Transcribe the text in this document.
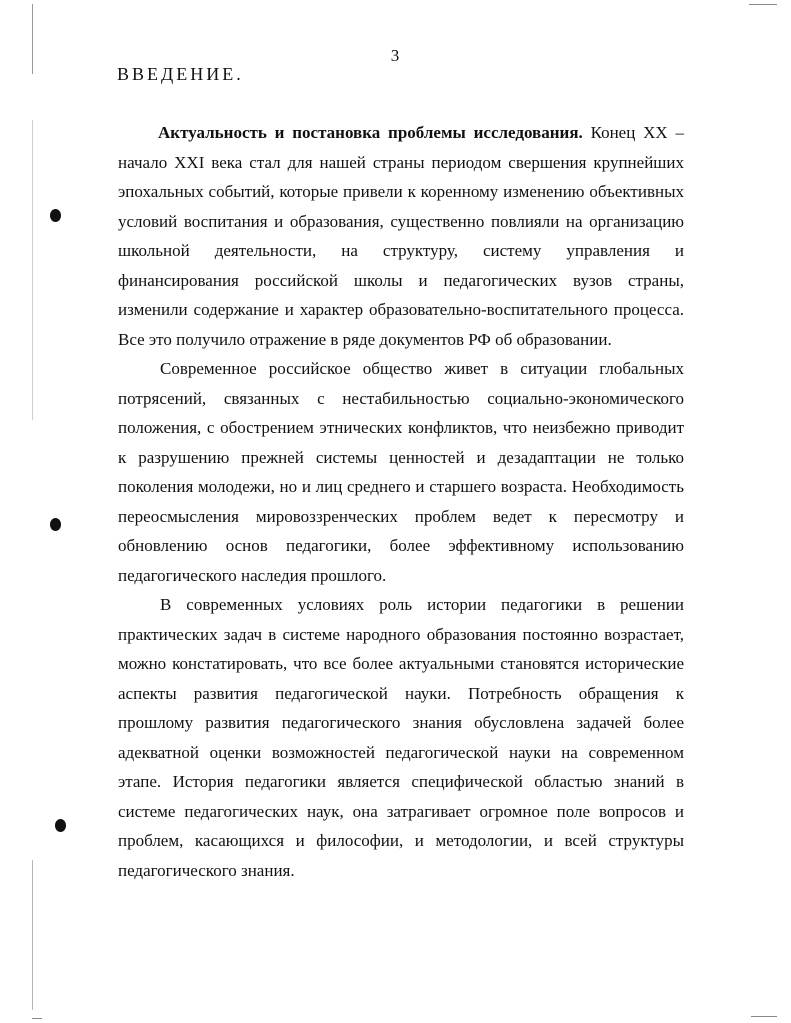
3
ВВЕДЕНИЕ.

Актуальность и постановка проблемы исследования. Конец XX – начало XXI века стал для нашей страны периодом свершения крупнейших эпохальных событий, которые привели к коренному изменению объективных условий воспитания и образования, существенно повлияли на организацию школьной деятельности, на структуру, систему управления и финансирования российской школы и педагогических вузов страны, изменили содержание и характер образовательно-воспитательного процесса. Все это получило отражение в ряде документов РФ об образовании.

Современное российское общество живет в ситуации глобальных потрясений, связанных с нестабильностью социально-экономического положения, с обострением этнических конфликтов, что неизбежно приводит к разрушению прежней системы ценностей и дезадаптации не только поколения молодежи, но и лиц среднего и старшего возраста. Необходимость переосмысления мировоззренческих проблем ведет к пересмотру и обновлению основ педагогики, более эффективному использованию педагогического наследия прошлого.

В современных условиях роль истории педагогики в решении практических задач в системе народного образования постоянно возрастает, можно констатировать, что все более актуальными становятся исторические аспекты развития педагогической науки. Потребность обращения к прошлому развития педагогического знания обусловлена задачей более адекватной оценки возможностей педагогической науки на современном этапе. История педагогики является специфической областью знаний в системе педагогических наук, она затрагивает огромное поле вопросов и проблем, касающихся и философии, и методологии, и всей структуры педагогического знания.
